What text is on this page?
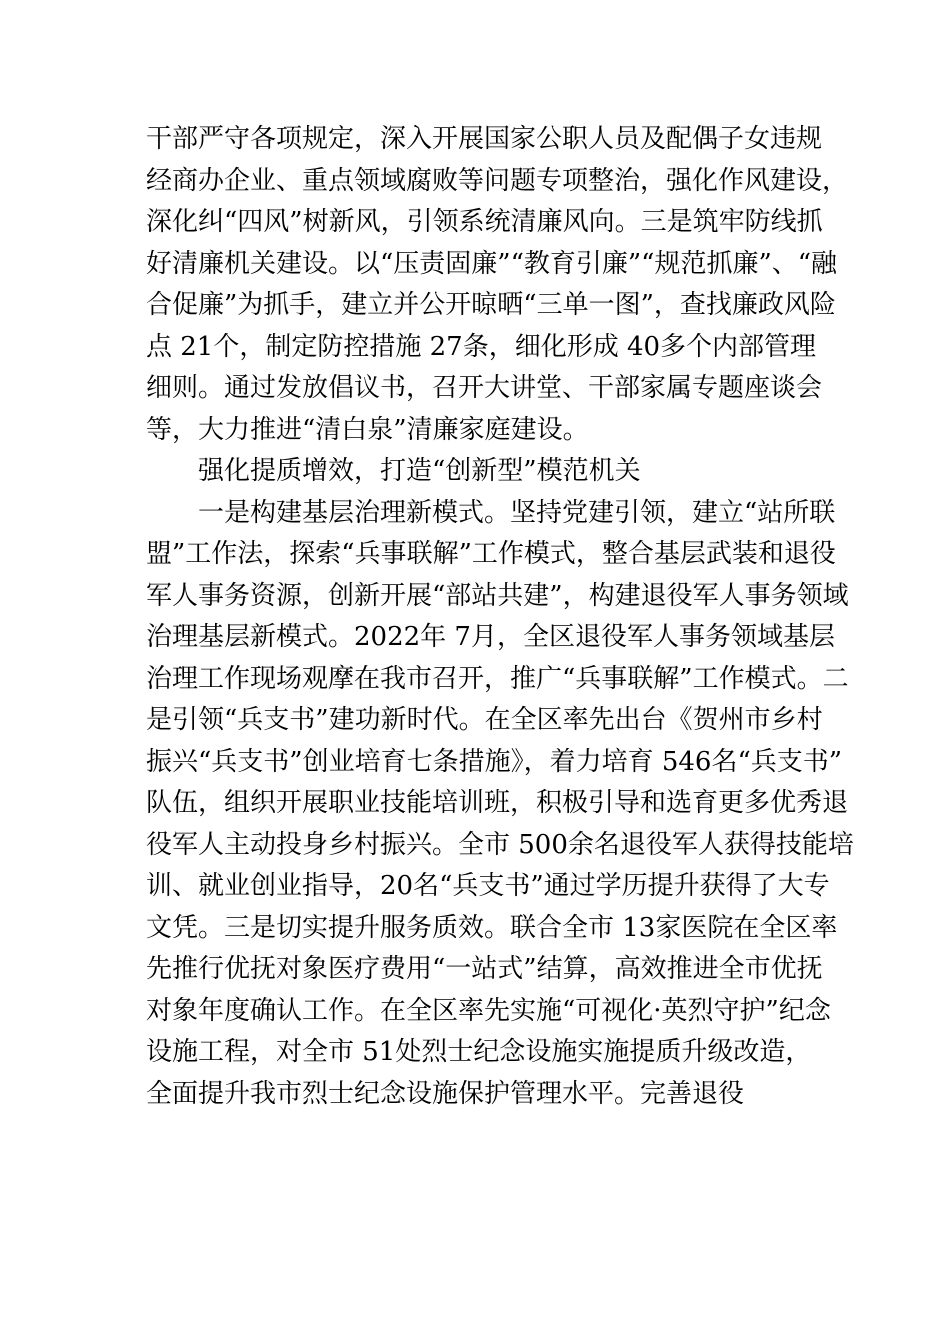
干部严守各项规定，深入开展国家公职人员及配偶子女违规
经商办企业、重点领域腐败等问题专项整治，强化作风建设，
深化纠“四风”树新风，引领系统清廉风向。三是筑牢防线抓
好清廉机关建设。以“压责固廉”“教育引廉”“规范抓廉”、“融
合促廉”为抓手，建立并公开晾晒“三单一图”，查找廉政风险
点 21个，制定防控措施 27条，细化形成 40多个内部管理
细则。通过发放倡议书，召开大讲堂、干部家属专题座谈会
等，大力推进“清白泉”清廉家庭建设。
强化提质增效，打造“创新型”模范机关
一是构建基层治理新模式。坚持党建引领，建立“站所联
盟”工作法，探索“兵事联解”工作模式，整合基层武装和退役
军人事务资源，创新开展“部站共建”，构建退役军人事务领域
治理基层新模式。2022年 7月，全区退役军人事务领域基层
治理工作现场观摩在我市召开，推广“兵事联解”工作模式。二
是引领“兵支书”建功新时代。在全区率先出台《贺州市乡村
振兴“兵支书”创业培育七条措施》，着力培育 546名“兵支书”
队伍，组织开展职业技能培训班，积极引导和选育更多优秀退
役军人主动投身乡村振兴。全市 500余名退役军人获得技能培
训、就业创业指导，20名“兵支书”通过学历提升获得了大专
文凭。三是切实提升服务质效。联合全市 13家医院在全区率
先推行优抚对象医疗费用“一站式”结算，高效推进全市优抚
对象年度确认工作。在全区率先实施“可视化·英烈守护”纪念
设施工程，对全市 51处烈士纪念设施实施提质升级改造，
全面提升我市烈士纪念设施保护管理水平。完善退役
